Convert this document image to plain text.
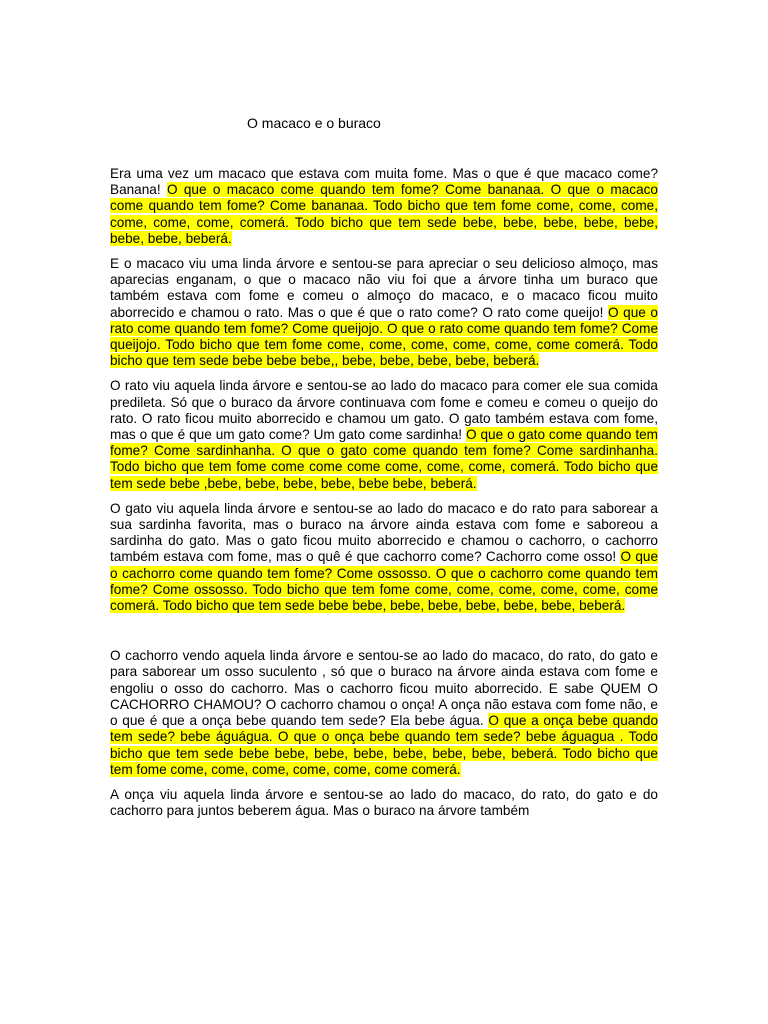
O macaco e o buraco

Era uma vez um macaco que estava com muita fome. Mas o que é que macaco come? Banana! O que o macaco come quando tem fome? Come bananaa. O que o macaco come quando tem fome? Come bananaa. Todo bicho que tem fome come, come, come, come, come, come, comerá. Todo bicho que tem sede bebe, bebe, bebe, bebe, bebe, bebe, bebe, beberá.

E o macaco viu uma linda árvore e sentou-se para apreciar o seu delicioso almoço, mas aparecias enganam, o que o macaco não viu foi que a árvore tinha um buraco que também estava com fome e comeu o almoço do macaco, e o macaco ficou muito aborrecido e chamou o rato. Mas o que é que o rato come? O rato come queijo! O que o rato come quando tem fome? Come queijojo. O que o rato come quando tem fome? Come queijojo. Todo bicho que tem fome come, come, come, come, come, come comerá. Todo bicho que tem sede bebe bebe bebe,, bebe, bebe, bebe, bebe, beberá.

O rato viu aquela linda árvore e sentou-se ao lado do macaco para comer ele sua comida predileta. Só que o buraco da árvore continuava com fome e comeu e comeu o queijo do rato. O rato ficou muito aborrecido e chamou um gato. O gato também estava com fome, mas o que é que um gato come? Um gato come sardinha! O que o gato come quando tem fome? Come sardinhanha. O que o gato come quando tem fome? Come sardinhanha. Todo bicho que tem fome come come come come, come, come, comerá. Todo bicho que tem sede bebe ,bebe, bebe, bebe, bebe, bebe bebe, beberá.

O gato viu aquela linda árvore e sentou-se ao lado do macaco e do rato para saborear a sua sardinha favorita, mas o buraco na árvore ainda estava com fome e saboreou a sardinha do gato. Mas o gato ficou muito aborrecido e chamou o cachorro, o cachorro também estava com fome, mas o quê é que cachorro come? Cachorro come osso! O que o cachorro come quando tem fome? Come ossosso. O que o cachorro come quando tem fome? Come ossosso. Todo bicho que tem fome come, come, come, come, come, come comerá. Todo bicho que tem sede bebe bebe, bebe, bebe, bebe, bebe, bebe, beberá.

O cachorro vendo aquela linda árvore e sentou-se ao lado do macaco, do rato, do gato e para saborear um osso suculento , só que o buraco na árvore ainda estava com fome e engoliu o osso do cachorro. Mas o cachorro ficou muito aborrecido. E sabe QUEM O CACHORRO CHAMOU? O cachorro chamou o onça! A onça não estava com fome não, e o que é que a onça bebe quando tem sede? Ela bebe água. O que a onça bebe quando tem sede? bebe águágua. O que o onça bebe quando tem sede? bebe águagua . Todo bicho que tem sede bebe bebe, bebe, bebe, bebe, bebe, bebe, beberá. Todo bicho que tem fome come, come, come, come, come, come comerá.

A onça viu aquela linda árvore e sentou-se ao lado do macaco, do rato, do gato e do cachorro para juntos beberem água. Mas o buraco na árvore também
